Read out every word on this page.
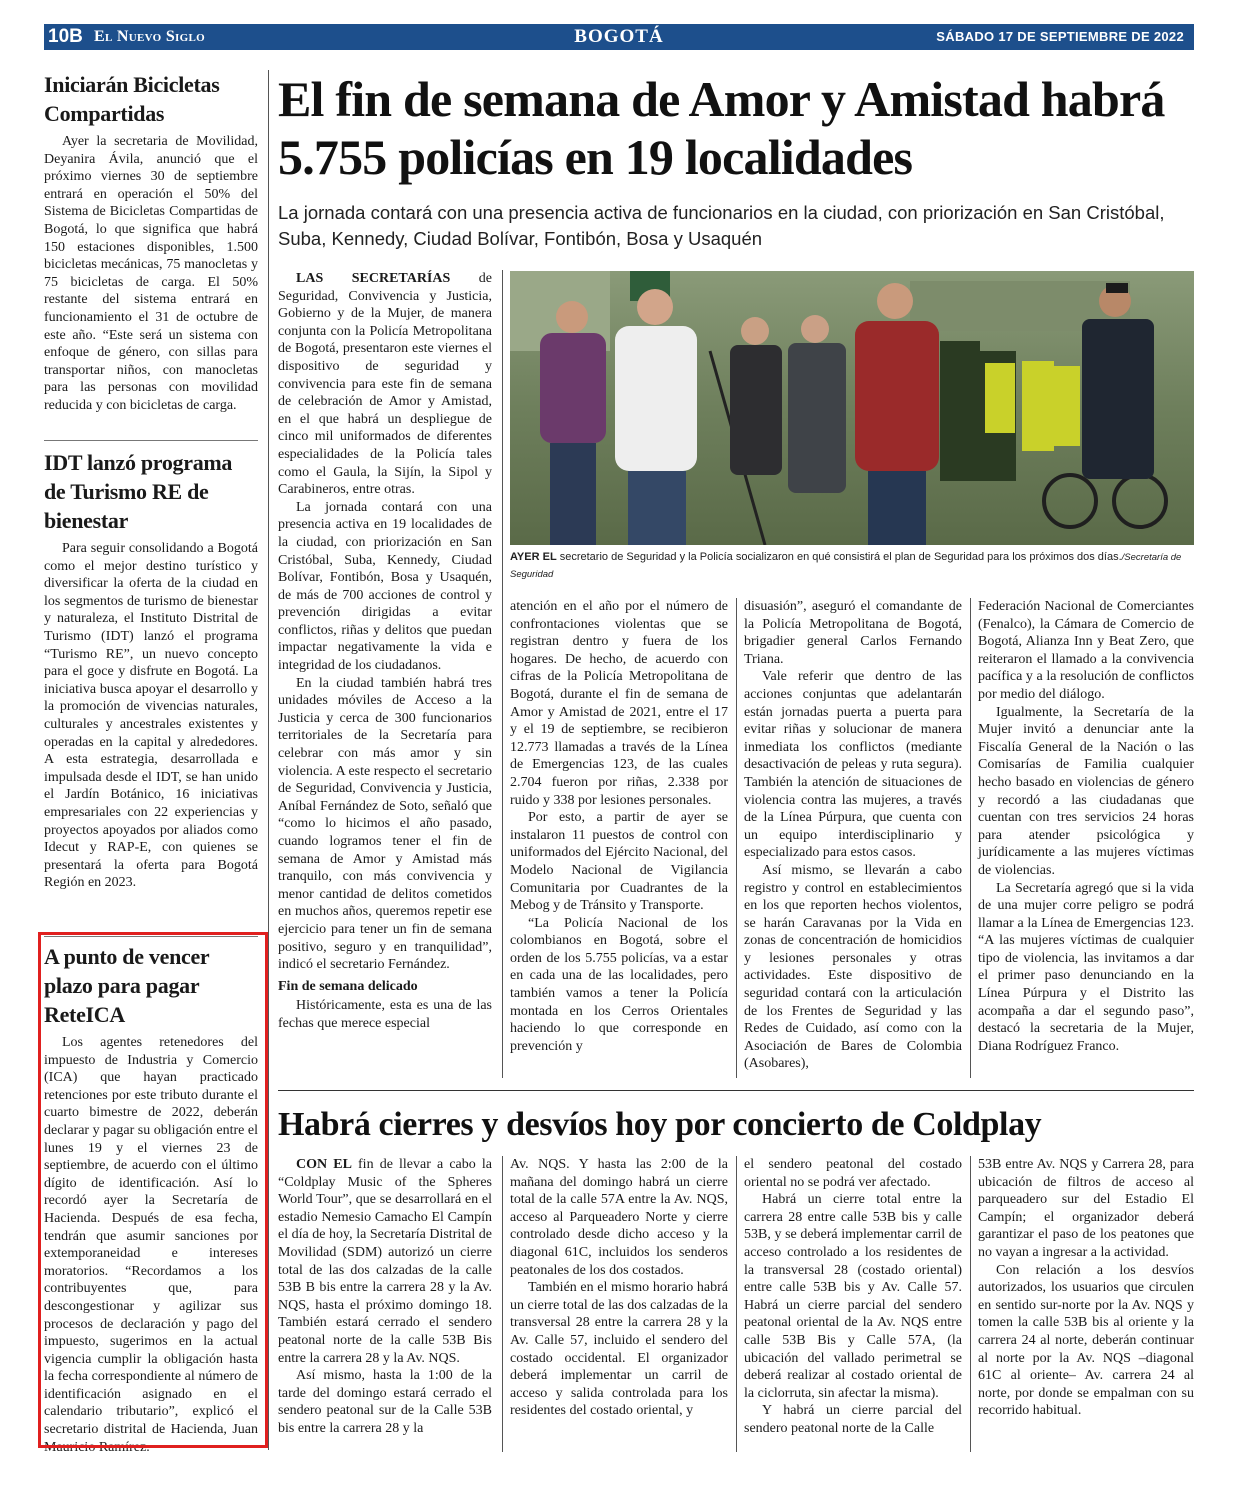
10B El Nuevo Siglo	BOGOTÁ	SÁBADO 17 DE SEPTIEMBRE DE 2022
Iniciarán Bicicletas Compartidas

Ayer la secretaria de Movilidad, Deyanira Ávila, anunció que el próximo viernes 30 de septiembre entrará en operación el 50% del Sistema de Bicicletas Compartidas de Bogotá, lo que significa que habrá 150 estaciones disponibles, 1.500 bicicletas mecánicas, 75 manocletas y 75 bicicletas de carga. El 50% restante del sistema entrará en funcionamiento el 31 de octubre de este año. “Este será un sistema con enfoque de género, con sillas para transportar niños, con manocletas para las personas con movilidad reducida y con bicicletas de carga.

IDT lanzó programa de Turismo RE de bienestar

Para seguir consolidando a Bogotá como el mejor destino turístico y diversificar la oferta de la ciudad en los segmentos de turismo de bienestar y naturaleza, el Instituto Distrital de Turismo (IDT) lanzó el programa “Turismo RE”, un nuevo concepto para el goce y disfrute en Bogotá. La iniciativa busca apoyar el desarrollo y la promoción de vivencias naturales, culturales y ancestrales existentes y operadas en la capital y alrededores. A esta estrategia, desarrollada e impulsada desde el IDT, se han unido el Jardín Botánico, 16 iniciativas empresariales con 22 experiencias y proyectos apoyados por aliados como Idecut y RAP-E, con quienes se presentará la oferta para Bogotá Región en 2023.

A punto de vencer plazo para pagar ReteICA

Los agentes retenedores del impuesto de Industria y Comercio (ICA) que hayan practicado retenciones por este tributo durante el cuarto bimestre de 2022, deberán declarar y pagar su obligación entre el lunes 19 y el viernes 23 de septiembre, de acuerdo con el último dígito de identificación. Así lo recordó ayer la Secretaría de Hacienda. Después de esa fecha, tendrán que asumir sanciones por extemporaneidad e intereses moratorios. “Recordamos a los contribuyentes que, para descongestionar y agilizar sus procesos de declaración y pago del impuesto, sugerimos en la actual vigencia cumplir la obligación hasta la fecha correspondiente al número de identificación asignado en el calendario tributario”, explicó el secretario distrital de Hacienda, Juan Mauricio Ramírez.

El fin de semana de Amor y Amistad habrá 5.755 policías en 19 localidades
La jornada contará con una presencia activa de funcionarios en la ciudad, con priorización en San Cristóbal, Suba, Kennedy, Ciudad Bolívar, Fontibón, Bosa y Usaquén

LAS SECRETARÍAS de Seguridad, Convivencia y Justicia, Gobierno y de la Mujer, de manera conjunta con la Policía Metropolitana de Bogotá, presentaron este viernes el dispositivo de seguridad y convivencia para este fin de semana de celebración de Amor y Amistad, en el que habrá un despliegue de cinco mil uniformados de diferentes especialidades de la Policía tales como el Gaula, la Sijín, la Sipol y Carabineros, entre otras.

La jornada contará con una presencia activa en 19 localidades de la ciudad, con priorización en San Cristóbal, Suba, Kennedy, Ciudad Bolívar, Fontibón, Bosa y Usaquén, de más de 700 acciones de control y prevención dirigidas a evitar conflictos, riñas y delitos que puedan impactar negativamente la vida e integridad de los ciudadanos.

En la ciudad también habrá tres unidades móviles de Acceso a la Justicia y cerca de 300 funcionarios territoriales de la Secretaría para celebrar con más amor y sin violencia. A este respecto el secretario de Seguridad, Convivencia y Justicia, Aníbal Fernández de Soto, señaló que “como lo hicimos el año pasado, cuando logramos tener el fin de semana de Amor y Amistad más tranquilo, con más convivencia y menor cantidad de delitos cometidos en muchos años, queremos repetir ese ejercicio para tener un fin de semana positivo, seguro y en tranquilidad”, indicó el secretario Fernández.

Fin de semana delicado

Históricamente, esta es una de las fechas que merece especial

AYER EL secretario de Seguridad y la Policía socializaron en qué consistirá el plan de Seguridad para los próximos dos días./Secretaría de Seguridad

atención en el año por el número de confrontaciones violentas que se registran dentro y fuera de los hogares. De hecho, de acuerdo con cifras de la Policía Metropolitana de Bogotá, durante el fin de semana de Amor y Amistad de 2021, entre el 17 y el 19 de septiembre, se recibieron 12.773 llamadas a través de la Línea de Emergencias 123, de las cuales 2.704 fueron por riñas, 2.338 por ruido y 338 por lesiones personales.

Por esto, a partir de ayer se instalaron 11 puestos de control con uniformados del Ejército Nacional, del Modelo Nacional de Vigilancia Comunitaria por Cuadrantes de la Mebog y de Tránsito y Transporte.

“La Policía Nacional de los colombianos en Bogotá, sobre el orden de los 5.755 policías, va a estar en cada una de las localidades, pero también vamos a tener la Policía montada en los Cerros Orientales haciendo lo que corresponde en prevención y

disuasión”, aseguró el comandante de la Policía Metropolitana de Bogotá, brigadier general Carlos Fernando Triana.

Vale referir que dentro de las acciones conjuntas que adelantarán están jornadas puerta a puerta para evitar riñas y solucionar de manera inmediata los conflictos (mediante desactivación de peleas y ruta segura). También la atención de situaciones de violencia contra las mujeres, a través de la Línea Púrpura, que cuenta con un equipo interdisciplinario y especializado para estos casos.

Así mismo, se llevarán a cabo registro y control en establecimientos en los que reporten hechos violentos, se harán Caravanas por la Vida en zonas de concentración de homicidios y lesiones personales y otras actividades. Este dispositivo de seguridad contará con la articulación de los Frentes de Seguridad y las Redes de Cuidado, así como con la Asociación de Bares de Colombia (Asobares),

Federación Nacional de Comerciantes (Fenalco), la Cámara de Comercio de Bogotá, Alianza Inn y Beat Zero, que reiteraron el llamado a la convivencia pacífica y a la resolución de conflictos por medio del diálogo.

Igualmente, la Secretaría de la Mujer invitó a denunciar ante la Fiscalía General de la Nación o las Comisarías de Familia cualquier hecho basado en violencias de género y recordó a las ciudadanas que cuentan con tres servicios 24 horas para atender psicológica y jurídicamente a las mujeres víctimas de violencias.

La Secretaría agregó que si la vida de una mujer corre peligro se podrá llamar a la Línea de Emergencias 123. “A las mujeres víctimas de cualquier tipo de violencia, las invitamos a dar el primer paso denunciando en la Línea Púrpura y el Distrito las acompaña a dar el segundo paso”, destacó la secretaria de la Mujer, Diana Rodríguez Franco.

Habrá cierres y desvíos hoy por concierto de Coldplay

CON EL fin de llevar a cabo la “Coldplay Music of the Spheres World Tour”, que se desarrollará en el estadio Nemesio Camacho El Campín el día de hoy, la Secretaría Distrital de Movilidad (SDM) autorizó un cierre total de las dos calzadas de la calle 53B B bis entre la carrera 28 y la Av. NQS, hasta el próximo domingo 18. También estará cerrado el sendero peatonal norte de la calle 53B Bis entre la carrera 28 y la Av. NQS.

Así mismo, hasta la 1:00 de la tarde del domingo estará cerrado el sendero peatonal sur de la Calle 53B bis entre la carrera 28 y la

Av. NQS. Y hasta las 2:00 de la mañana del domingo habrá un cierre total de la calle 57A entre la Av. NQS, acceso al Parqueadero Norte y cierre controlado desde dicho acceso y la diagonal 61C, incluidos los senderos peatonales de los dos costados.

También en el mismo horario habrá un cierre total de las dos calzadas de la transversal 28 entre la carrera 28 y la Av. Calle 57, incluido el sendero del costado occidental. El organizador deberá implementar un carril de acceso y salida controlada para los residentes del costado oriental, y

el sendero peatonal del costado oriental no se podrá ver afectado.

Habrá un cierre total entre la carrera 28 entre calle 53B bis y calle 53B, y se deberá implementar carril de acceso controlado a los residentes de la transversal 28 (costado oriental) entre calle 53B bis y Av. Calle 57. Habrá un cierre parcial del sendero peatonal oriental de la Av. NQS entre calle 53B Bis y Calle 57A, (la ubicación del vallado perimetral se deberá realizar al costado oriental de la ciclorruta, sin afectar la misma).

Y habrá un cierre parcial del sendero peatonal norte de la Calle

53B entre Av. NQS y Carrera 28, para ubicación de filtros de acceso al parqueadero sur del Estadio El Campín; el organizador deberá garantizar el paso de los peatones que no vayan a ingresar a la actividad.

Con relación a los desvíos autorizados, los usuarios que circulen en sentido sur-norte por la Av. NQS y tomen la calle 53B bis al oriente y la carrera 24 al norte, deberán continuar al norte por la Av. NQS –diagonal 61C al oriente– Av. carrera 24 al norte, por donde se empalman con su recorrido habitual.
